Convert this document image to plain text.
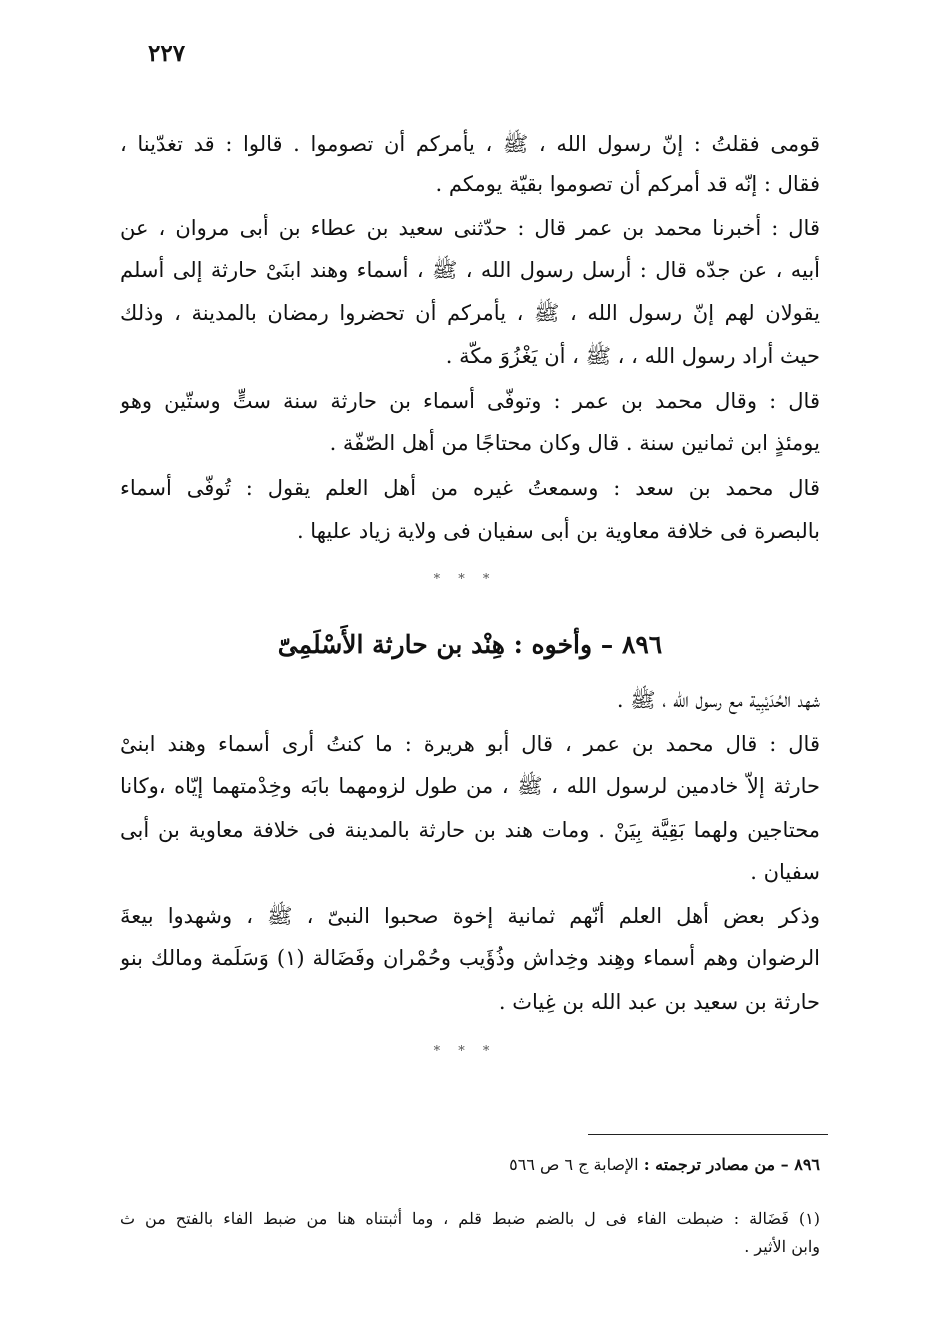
٢٢٧
قومى فقلتُ : إنّ رسول الله ، ﷺ ، يأمركم أن تصوموا . قالوا : قد تغدّينا ،
فقال : إنّه قد أمركم أن تصوموا بقيّة يومكم .
قال : أخبرنا محمد بن عمر قال : حدّثنى سعيد بن عطاء بن أبى مروان ، عن
أبيه ، عن جدّه قال : أرسل رسول الله ، ﷺ ، أسماء وهند ابنَىْ حارثة إلى أسلم
يقولان لهم إنّ رسول الله ، ﷺ ، يأمركم أن تحضروا رمضان بالمدينة ، وذلك
حيث أراد رسول الله ، ، ﷺ ، أن يَغْزُوَ مكّة .
قال : وقال محمد بن عمر : وتوفّى أسماء بن حارثة سنة ستٍّ وستّين وهو
يومئذٍ ابن ثمانين سنة . قال وكان محتاجًا من أهل الصّفّة .
قال محمد بن سعد : وسمعتُ غيره من أهل العلم يقول : تُوفّى أسماء
بالبصرة فى خلافة معاوية بن أبى سفيان فى ولاية زياد عليها .
* * *
٨٩٦ – وأخوه : هِنْد بن حارثة الأَسْلَمِىّ
شهد الحُدَيْبِية مع رسول الله ، ﷺ .
قال : قال محمد بن عمر ، قال أبو هريرة : ما كنتُ أرى أسماء وهند ابنىْ
حارثة إلاّ خادمين لرسول الله ، ﷺ ، من طول لزومهما بابَه وخِدْمتهما إيّاه ،وكانا
محتاجين ولهما بَقِيَّة بِيَنْ . ومات هند بن حارثة بالمدينة فى خلافة معاوية بن أبى
سفيان .
وذكر بعض أهل العلم أنّهم ثمانية إخوة صحبوا النبىّ ، ﷺ ، وشهدوا بيعةَ
الرضوان وهم أسماء وهِند وخِداش وذُؤَيب وحُمْران وفَضَالة (١) وَسَلَمة ومالك بنو
حارثة بن سعيد بن عبد الله بن غِياث .
* * *
٨٩٦ – من مصادر ترجمته : الإصابة ج ٦ ص ٥٦٦
(١) فَضَالة : ضبطت الفاء فى ل بالضم ضبط قلم ، وما أثبتناه هنا من ضبط الفاء بالفتح من ث
وابن الأثير .
